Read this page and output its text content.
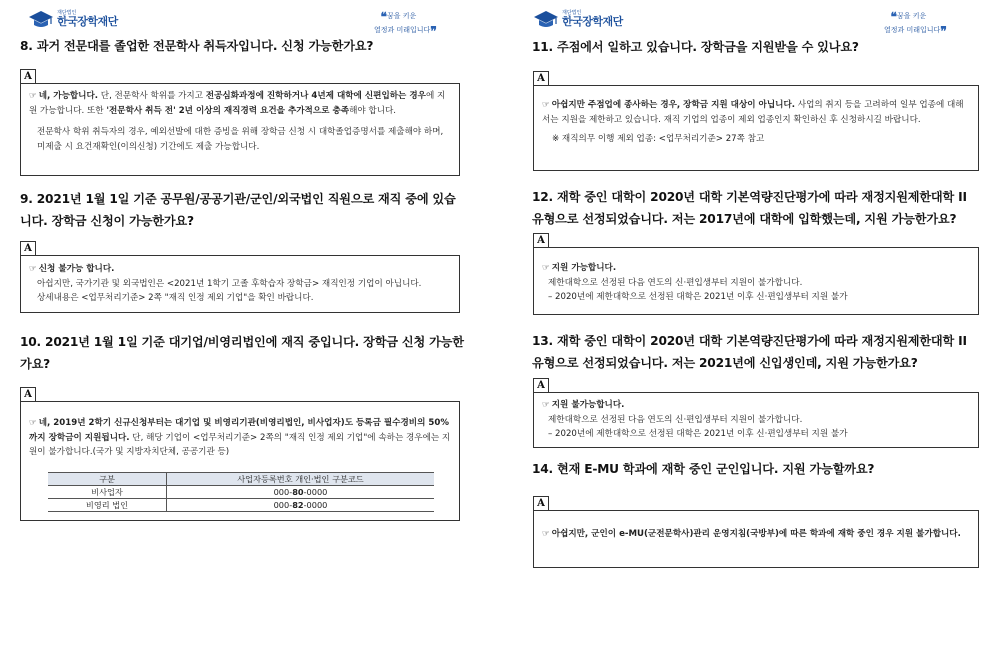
재단법인
한국장학재단	❝꿈을 키운
열정과 미래입니다❞
8. 과거 전문대를 졸업한 전문학사 취득자입니다. 신청 가능한가요?
A

☞ 네, 가능합니다. 단, 전문학사 학위를 가지고 전공심화과정에 진학하거나 4년제 대학에 신편입하는 경우에 지원 가능합니다. 또한 '전문학사 취득 전' 2년 이상의 재직경력 요건을 추가적으로 충족해야 합니다.

전문학사 학위 취득자의 경우, 예외선발에 대한 증빙을 위해 장학금 신청 시 대학졸업증명서를 제출해야 하며, 미제출 시 요건재확인(이의신청) 기간에도 제출 가능합니다.

9. 2021년 1월 1일 기준 공무원/공공기관/군인/외국법인 직원으로 재직 중에 있습니다. 장학금 신청이 가능한가요?
A
☞ 신청 불가능 합니다.
아쉽지만, 국가기관 및 외국법인은 <2021년 1학기 고졸 후학습자 장학금> 재직인정 기업이 아닙니다.
상세내용은 <업무처리기준> 2쪽 "재직 인정 제외 기업"을 확인 바랍니다.
10. 2021년 1월 1일 기준 대기업/비영리법인에 재직 중입니다. 장학금 신청 가능한가요?
A

☞ 네, 2019년 2학기 신규신청부터는 대기업 및 비영리기관(비영리법인, 비사업자)도 등록금 필수경비의 50%까지 장학금이 지원됩니다. 단, 해당 기업이 <업무처리기준> 2쪽의 "재직 인정 제외 기업"에 속하는 경우에는 지원이 불가합니다.(국가 및 지방자치단체, 공공기관 등)

구분	사업자등록번호 개인·법인 구분코드
비사업자	000-80-0000
비영리 법인	000-82-0000
재단법인
한국장학재단	❝꿈을 키운
열정과 미래입니다❞
11. 주점에서 일하고 있습니다. 장학금을 지원받을 수 있나요?
A

☞ 아쉽지만 주점업에 종사하는 경우, 장학금 지원 대상이 아닙니다. 사업의 취지 등을 고려하여 일부 업종에 대해서는 지원을 제한하고 있습니다. 재직 기업의 업종이 제외 업종인지 확인하신 후 신청하시길 바랍니다.

※ 재직의무 이행 제외 업종: <업무처리기준> 27쪽 참고

12. 재학 중인 대학이 2020년 대학 기본역량진단평가에 따라 재정지원제한대학 II 유형으로 선정되었습니다. 저는 2017년에 대학에 입학했는데, 지원 가능한가요?
A
☞ 지원 가능합니다.
제한대학으로 선정된 다음 연도의 신·편입생부터 지원이 불가합니다.
– 2020년에 제한대학으로 선정된 대학은 2021년 이후 신·편입생부터 지원 불가
13. 재학 중인 대학이 2020년 대학 기본역량진단평가에 따라 재정지원제한대학 II 유형으로 선정되었습니다. 저는 2021년에 신입생인데, 지원 가능한가요?
A
☞ 지원 불가능합니다.
제한대학으로 선정된 다음 연도의 신·편입생부터 지원이 불가합니다.
– 2020년에 제한대학으로 선정된 대학은 2021년 이후 신·편입생부터 지원 불가
14. 현재 E-MU 학과에 재학 중인 군인입니다. 지원 가능할까요?
A

☞ 아쉽지만, 군인이 e-MU(군전문학사)관리 운영지침(국방부)에 따른 학과에 재학 중인 경우 지원 불가합니다.
